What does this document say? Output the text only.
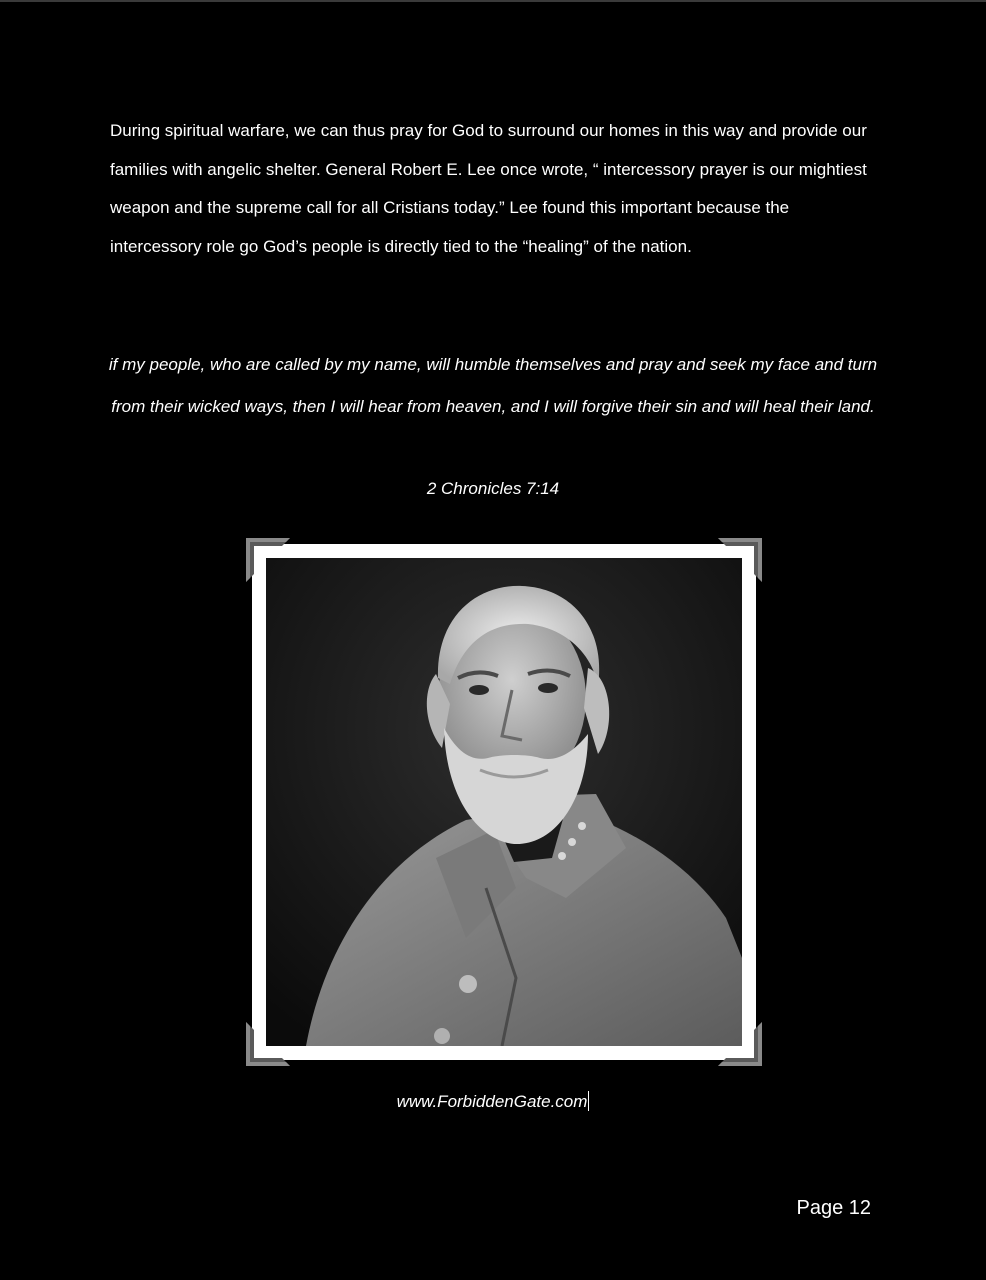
During spiritual warfare, we can thus pray for God to surround our homes in this way and provide our families with angelic shelter. General Robert E. Lee once wrote, “ intercessory prayer is our mightiest weapon and the supreme call for all Cristians today.” Lee found this important because the intercessory role go God’s people is directly tied to the “healing” of the nation.

if my people, who are called by my name, will humble themselves and pray and seek my face and turn from their wicked ways, then I will hear from heaven, and I will forgive their sin and will heal their land.

2 Chronicles 7:14
www.ForbiddenGate.com
Page 12
